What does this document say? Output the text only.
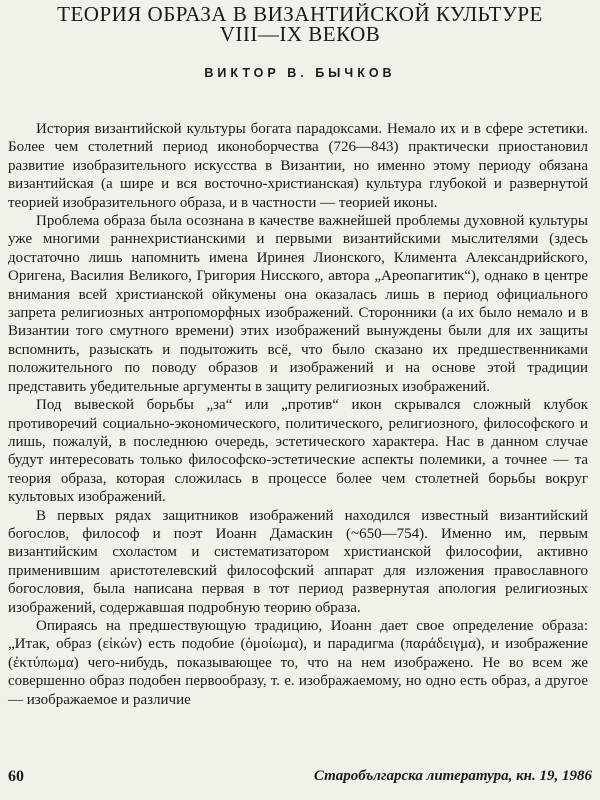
ТЕОРИЯ ОБРАЗА В ВИЗАНТИЙСКОЙ КУЛЬТУРЕ
VIII—IX ВЕКОВ
ВИКТОР В. БЫЧКОВ

История византийской культуры богата парадоксами. Немало их и в сфере эстетики. Более чем столетний период иконоборчества (726—843) практически приостановил развитие изобразительного искусства в Византии, но именно этому периоду обязана византийская (а шире и вся восточно-христианская) культура глубокой и развернутой теорией изобразительного образа, и в частности — теорией иконы.

Проблема образа была осознана в качестве важнейшей проблемы духовной культуры уже многими раннехристианскими и первыми византийскими мыслителями (здесь достаточно лишь напомнить имена Иринея Лионского, Климента Александрийского, Оригена, Василия Великого, Григория Нисского, автора „Ареопагитик“), однако в центре внимания всей христианской ойкумены она оказалась лишь в период официального запрета религиозных антропоморфных изображений. Сторонники (а их было немало и в Византии того смутного времени) этих изображений вынуждены были для их защиты вспомнить, разыскать и подытожить всё, что было сказано их предшественниками положительного по поводу образов и изображений и на основе этой традиции представить убедительные аргументы в защиту религиозных изображений.

Под вывеской борьбы „за“ или „против“ икон скрывался сложный клубок противоречий социально-экономического, политического, религиозного, философского и лишь, пожалуй, в последнюю очередь, эстетического характера. Нас в данном случае будут интересовать только философско-эстетические аспекты полемики, а точнее — та теория образа, которая сложилась в процессе более чем столетней борьбы вокруг культовых изображений.

В первых рядах защитников изображений находился известный византийский богослов, философ и поэт Иоанн Дамаскин (~650—754). Именно им, первым византийским схоластом и систематизатором христианской философии, активно применившим аристотелевский философский аппарат для изложения православного богословия, была написана первая в тот период развернутая апология религиозных изображений, содержавшая подробную теорию образа.

Опираясь на предшествующую традицию, Иоанн дает свое определение образа: „Итак, образ (εἰκών) есть подобие (ὁμοίωμα), и парадигма (παράδειγμα), и изображение (ἐκτύπωμα) чего-нибудь, показывающее то, что на нем изображено. Не во всем же совершенно образ подобен первообразу, т. е. изображаемому, но одно есть образ, а другое — изображаемое и различие

60	Старобългарска литература, кн. 19, 1986
